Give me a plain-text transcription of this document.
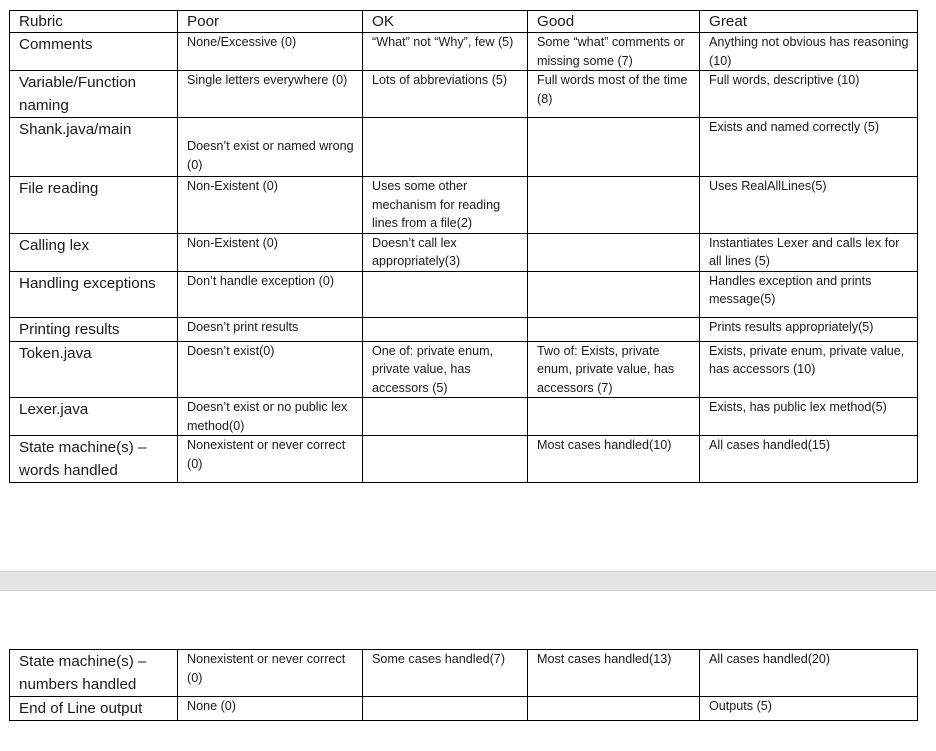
Rubric	Poor	OK	Good	Great
Comments	None/Excessive (0)	“What” not “Why”, few (5)	Some “what” comments or missing some (7)	Anything not obvious has reasoning (10)
Variable/Function naming	Single letters everywhere (0)	Lots of abbreviations (5)	Full words most of the time (8)	Full words, descriptive (10)
Shank.java/main	Doesn’t exist or named wrong (0)			Exists and named correctly (5)
File reading	Non-Existent (0)	Uses some other mechanism for reading lines from a file(2)		Uses RealAllLines(5)
Calling lex	Non-Existent (0)	Doesn’t call lex appropriately(3)		Instantiates Lexer and calls lex for all lines (5)
Handling exceptions	Don’t handle exception (0)			Handles exception and prints message(5)
Printing results	Doesn’t print results			Prints results appropriately(5)
Token.java	Doesn’t exist(0)	One of: private enum, private value, has accessors (5)	Two of: Exists, private enum, private value, has accessors (7)	Exists, private enum, private value, has accessors (10)
Lexer.java	Doesn’t exist or no public lex method(0)			Exists, has public lex method(5)
State machine(s) – words handled	Nonexistent or never correct (0)		Most cases handled(10)	All cases handled(15)
State machine(s) – numbers handled	Nonexistent or never correct (0)	Some cases handled(7)	Most cases handled(13)	All cases handled(20)
End of Line output	None (0)			Outputs (5)
